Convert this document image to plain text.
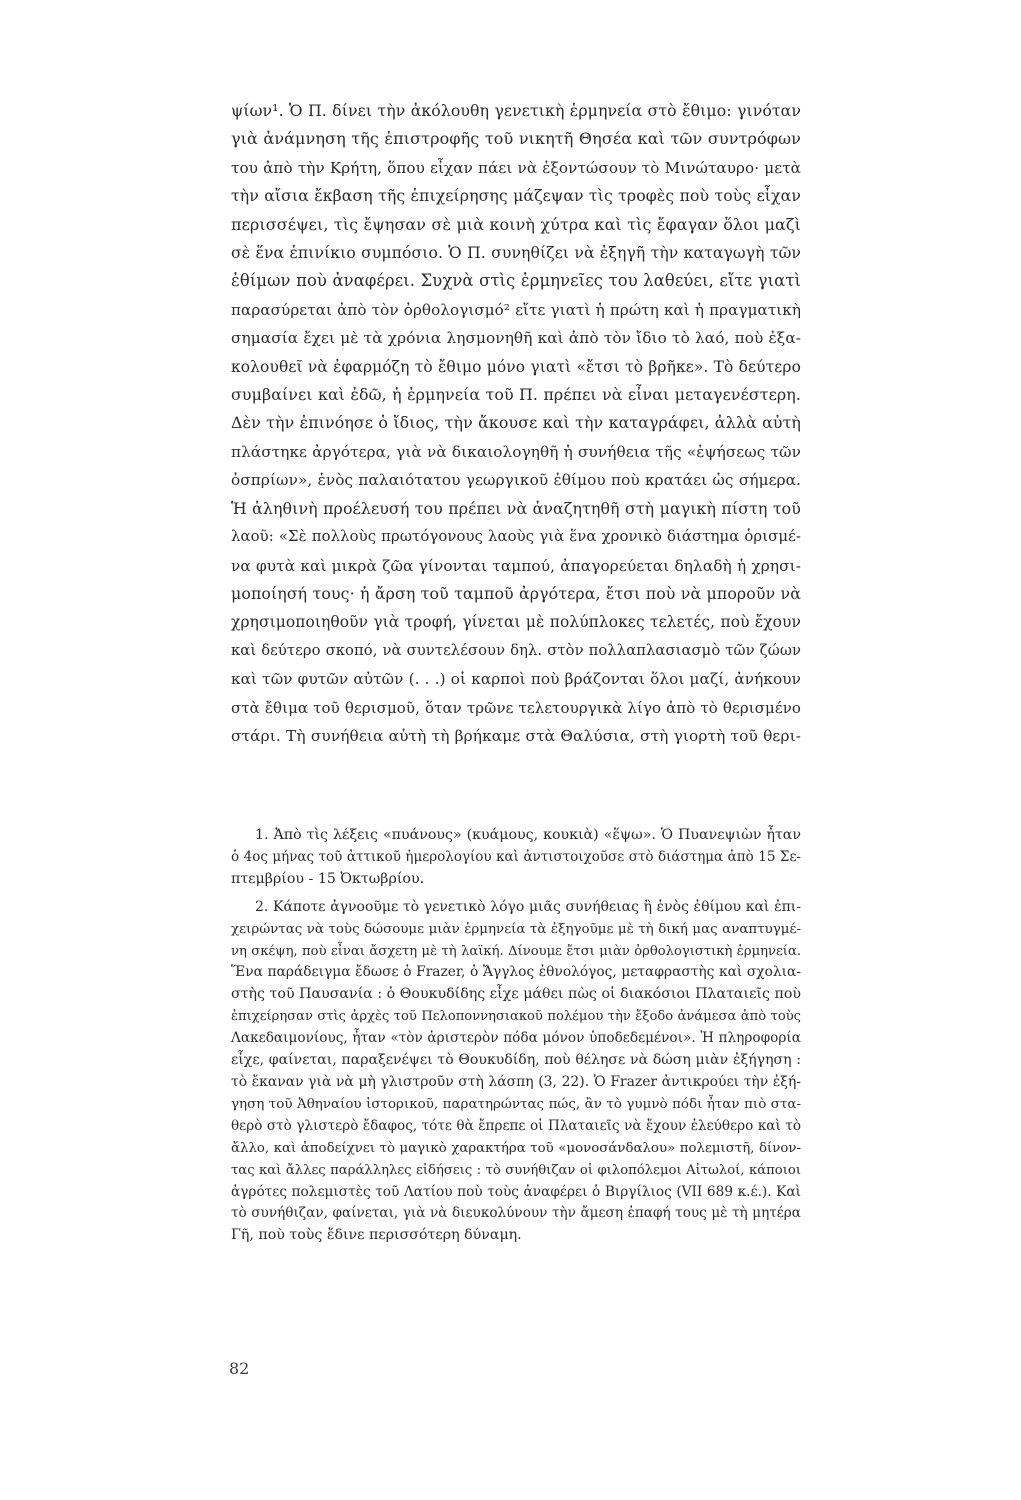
ψίων¹. Ὁ Π. δίνει τὴν ἀκόλουθη γενετικὴ ἑρμηνεία στὸ ἔθιμο: γινόταν
γιὰ ἀνάμνηση τῆς ἐπιστροφῆς τοῦ νικητῆ Θησέα καὶ τῶν συντρόφων
του ἀπὸ τὴν Κρήτη, ὅπου εἶχαν πάει νὰ ἐξοντώσουν τὸ Μινώταυρο· μετὰ
τὴν αἴσια ἔκβαση τῆς ἐπιχείρησης μάζεψαν τὶς τροφὲς ποὺ τοὺς εἶχαν
περισσέψει, τὶς ἔψησαν σὲ μιὰ κοινὴ χύτρα καὶ τὶς ἔφαγαν ὅλοι μαζὶ
σὲ ἕνα ἐπινίκιο συμπόσιο. Ὁ Π. συνηθίζει νὰ ἐξηγῆ τὴν καταγωγὴ τῶν
ἐθίμων ποὺ ἀναφέρει. Συχνὰ στὶς ἑρμηνεῖες του λαθεύει, εἴτε γιατὶ
παρασύρεται ἀπὸ τὸν ὀρθολογισμό² εἴτε γιατὶ ἡ πρώτη καὶ ἡ πραγματικὴ
σημασία ἔχει μὲ τὰ χρόνια λησμονηθῆ καὶ ἀπὸ τὸν ἴδιο τὸ λαό, ποὺ ἐξα-
κολουθεῖ νὰ ἐφαρμόζη τὸ ἔθιμο μόνο γιατὶ «ἔτσι τὸ βρῆκε». Τὸ δεύτερο
συμβαίνει καὶ ἐδῶ, ἡ ἑρμηνεία τοῦ Π. πρέπει νὰ εἶναι μεταγενέστερη.
Δὲν τὴν ἐπινόησε ὁ ἴδιος, τὴν ἄκουσε καὶ τὴν καταγράφει, ἀλλὰ αὐτὴ
πλάστηκε ἀργότερα, γιὰ νὰ δικαιολογηθῆ ἡ συνήθεια τῆς «ἑψήσεως τῶν
ὀσπρίων», ἑνὸς παλαιότατου γεωργικοῦ ἐθίμου ποὺ κρατάει ὡς σήμερα.
Ἡ ἀληθινὴ προέλευσή του πρέπει νὰ ἀναζητηθῆ στὴ μαγικὴ πίστη τοῦ
λαοῦ: «Σὲ πολλοὺς πρωτόγονους λαοὺς γιὰ ἕνα χρονικὸ διάστημα ὁρισμέ-
να φυτὰ καὶ μικρὰ ζῶα γίνονται ταμπού, ἀπαγορεύεται δηλαδὴ ἡ χρησι-
μοποίησή τους· ἡ ἄρση τοῦ ταμποῦ ἀργότερα, ἔτσι ποὺ νὰ μποροῦν νὰ
χρησιμοποιηθοῦν γιὰ τροφή, γίνεται μὲ πολύπλοκες τελετές, ποὺ ἔχουν
καὶ δεύτερο σκοπό, νὰ συντελέσουν δηλ. στὸν πολλαπλασιασμὸ τῶν ζώων
καὶ τῶν φυτῶν αὐτῶν (. . .) οἱ καρποὶ ποὺ βράζονται ὅλοι μαζί, ἀνήκουν
στὰ ἔθιμα τοῦ θερισμοῦ, ὅταν τρῶνε τελετουργικὰ λίγο ἀπὸ τὸ θερισμένο
στάρι. Τὴ συνήθεια αὐτὴ τὴ βρήκαμε στὰ Θαλύσια, στὴ γιορτὴ τοῦ θερι-
1. Ἀπὸ τὶς λέξεις «πυάνους» (κυάμους, κουκιὰ) «ἕψω». Ὁ Πυανεψιὼν ἦταν
ὁ 4ος μήνας τοῦ ἀττικοῦ ἡμερολογίου καὶ ἀντιστοιχοῦσε στὸ διάστημα ἀπὸ 15 Σε-
πτεμβρίου - 15 Ὀκτωβρίου.
2. Κάποτε ἀγνοοῦμε τὸ γενετικὸ λόγο μιᾶς συνήθειας ἢ ἑνὸς ἐθίμου καὶ ἐπι-
χειρώντας νὰ τοὺς δώσουμε μιὰν ἑρμηνεία τὰ ἐξηγοῦμε μὲ τὴ δική μας αναπτυγμέ-
νη σκέψη, ποὺ εἶναι ἄσχετη μὲ τὴ λαϊκή. Δίνουμε ἔτσι μιὰν ὀρθολογιστικὴ ἑρμηνεία.
Ἕνα παράδειγμα ἔδωσε ὁ Frazer, ὁ Ἄγγλος ἐθνολόγος, μεταφραστὴς καὶ σχολια-
στὴς τοῦ Παυσανία : ὁ Θουκυδίδης εἶχε μάθει πὼς οἱ διακόσιοι Πλαταιεῖς ποὺ
ἐπιχείρησαν στὶς ἀρχὲς τοῦ Πελοποννησιακοῦ πολέμου τὴν ἔξοδο ἀνάμεσα ἀπὸ τοὺς
Λακεδαιμονίους, ἦταν «τὸν ἀριστερὸν πόδα μόνον ὑποδεδεμένοι». Ἡ πληροφορία
εἶχε, φαίνεται, παραξενέψει τὸ Θουκυδίδη, ποὺ θέλησε νὰ δώση μιὰν ἐξήγηση :
τὸ ἔκαναν γιὰ νὰ μὴ γλιστροῦν στὴ λάσπη (3, 22). Ὁ Frazer ἀντικρούει τὴν ἐξή-
γηση τοῦ Ἀθηναίου ἱστορικοῦ, παρατηρώντας πώς, ἂν τὸ γυμνὸ πόδι ἦταν πιὸ στα-
θερὸ στὸ γλιστερὸ ἔδαφος, τότε θὰ ἔπρεπε οἱ Πλαταιεῖς νὰ ἔχουν ἐλεύθερο καὶ τὸ
ἄλλο, καὶ ἀποδείχνει τὸ μαγικὸ χαρακτήρα τοῦ «μονοσάνδαλου» πολεμιστῆ, δίνον-
τας καὶ ἄλλες παράλληλες εἰδήσεις : τὸ συνήθιζαν οἱ φιλοπόλεμοι Αἰτωλοί, κάποιοι
ἀγρότες πολεμιστὲς τοῦ Λατίου ποὺ τοὺς ἀναφέρει ὁ Βιργίλιος (VII 689 κ.έ.). Καὶ
τὸ συνήθιζαν, φαίνεται, γιὰ νὰ διευκολύνουν τὴν ἄμεση ἐπαφή τους μὲ τὴ μητέρα
Γῆ, ποὺ τοὺς ἔδινε περισσότερη δύναμη.
82
